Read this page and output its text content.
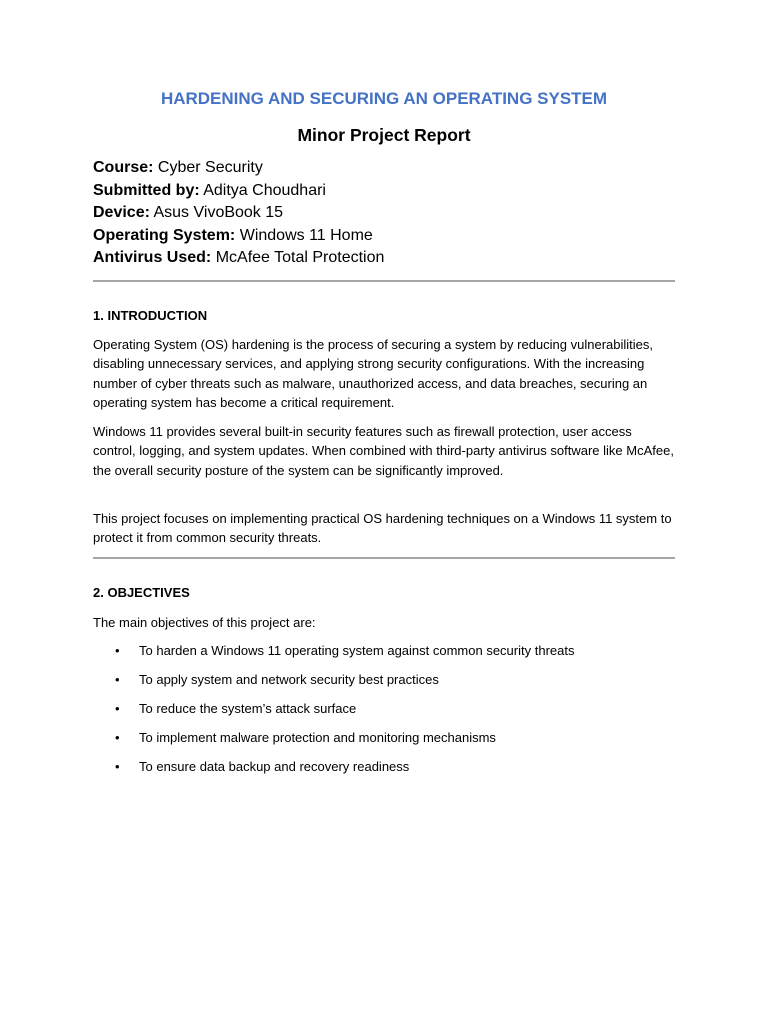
HARDENING AND SECURING AN OPERATING SYSTEM
Minor Project Report
Course: Cyber Security
Submitted by: Aditya Choudhari
Device: Asus VivoBook 15
Operating System: Windows 11 Home
Antivirus Used: McAfee Total Protection
1. INTRODUCTION

Operating System (OS) hardening is the process of securing a system by reducing vulnerabilities, disabling unnecessary services, and applying strong security configurations. With the increasing number of cyber threats such as malware, unauthorized access, and data breaches, securing an operating system has become a critical requirement.

Windows 11 provides several built-in security features such as firewall protection, user access control, logging, and system updates. When combined with third-party antivirus software like McAfee, the overall security posture of the system can be significantly improved.

This project focuses on implementing practical OS hardening techniques on a Windows 11 system to protect it from common security threats.

2. OBJECTIVES

The main objectives of this project are:

• To harden a Windows 11 operating system against common security threats
• To apply system and network security best practices
• To reduce the system’s attack surface
• To implement malware protection and monitoring mechanisms
• To ensure data backup and recovery readiness
